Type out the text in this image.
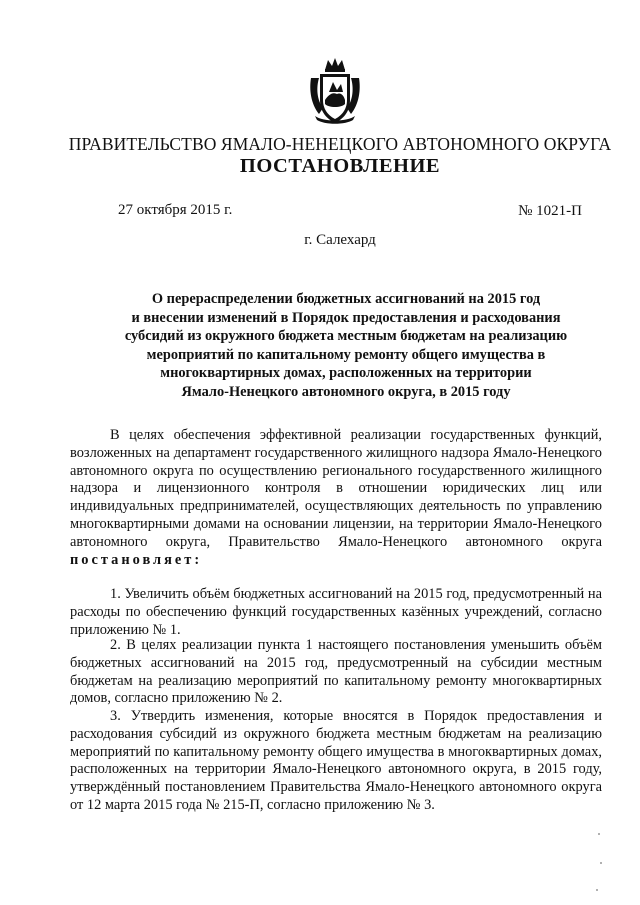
ПРАВИТЕЛЬСТВО ЯМАЛО-НЕНЕЦКОГО АВТОНОМНОГО ОКРУГА
ПОСТАНОВЛЕНИЕ
27 октября 2015 г.	№ 1021-П
г. Салехард
О перераспределении бюджетных ассигнований на 2015 год
и внесении изменений в Порядок предоставления и расходования
субсидий из окружного бюджета местным бюджетам на реализацию
мероприятий по капитальному ремонту общего имущества в
многоквартирных домах, расположенных на территории
Ямало-Ненецкого автономного округа, в 2015 году

В целях обеспечения эффективной реализации государственных функций, возложенных на департамент государственного жилищного надзора Ямало-Ненецкого автономного округа по осуществлению регионального государственного жилищного надзора и лицензионного контроля в отношении юридических лиц или индивидуальных предпринимателей, осуществляющих деятельность по управлению многоквартирными домами на основании лицензии, на территории Ямало-Ненецкого автономного округа, Правительство Ямало-Ненецкого автономного округа постановляет:

1. Увеличить объём бюджетных ассигнований на 2015 год, предусмотренный на расходы по обеспечению функций государственных казённых учреждений, согласно приложению № 1.

2. В целях реализации пункта 1 настоящего постановления уменьшить объём бюджетных ассигнований на 2015 год, предусмотренный на субсидии местным бюджетам на реализацию мероприятий по капитальному ремонту многоквартирных домов, согласно приложению № 2.

3. Утвердить изменения, которые вносятся в Порядок предоставления и расходования субсидий из окружного бюджета местным бюджетам на реализацию мероприятий по капитальному ремонту общего имущества в многоквартирных домах, расположенных на территории Ямало-Ненецкого автономного округа, в 2015 году, утверждённый постановлением Правительства Ямало-Ненецкого автономного округа от 12 марта 2015 года № 215-П, согласно приложению № 3.
